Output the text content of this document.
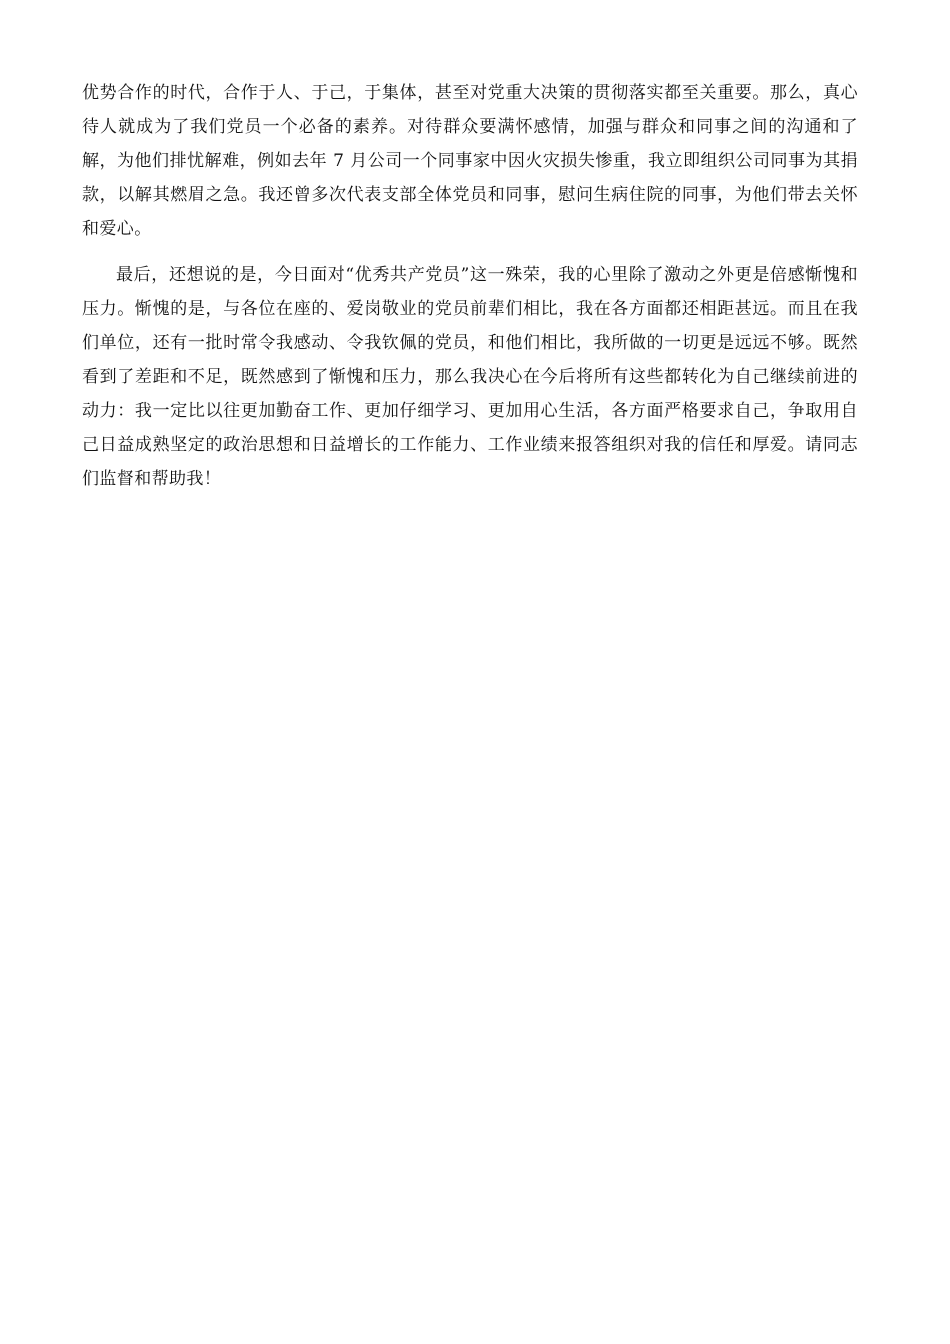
优势合作的时代，合作于人、于己，于集体，甚至对党重大决策的贯彻落实都至关重要。那么，真心待人就成为了我们党员一个必备的素养。对待群众要满怀感情，加强与群众和同事之间的沟通和了解，为他们排忧解难，例如去年 7 月公司一个同事家中因火灾损失惨重，我立即组织公司同事为其捐款，以解其燃眉之急。我还曾多次代表支部全体党员和同事，慰问生病住院的同事，为他们带去关怀和爱心。

最后，还想说的是，今日面对“优秀共产党员”这一殊荣，我的心里除了激动之外更是倍感惭愧和压力。惭愧的是，与各位在座的、爱岗敬业的党员前辈们相比，我在各方面都还相距甚远。而且在我们单位，还有一批时常令我感动、令我钦佩的党员，和他们相比，我所做的一切更是远远不够。既然看到了差距和不足，既然感到了惭愧和压力，那么我决心在今后将所有这些都转化为自己继续前进的动力：我一定比以往更加勤奋工作、更加仔细学习、更加用心生活，各方面严格要求自己，争取用自己日益成熟坚定的政治思想和日益增长的工作能力、工作业绩来报答组织对我的信任和厚爱。请同志们监督和帮助我！
